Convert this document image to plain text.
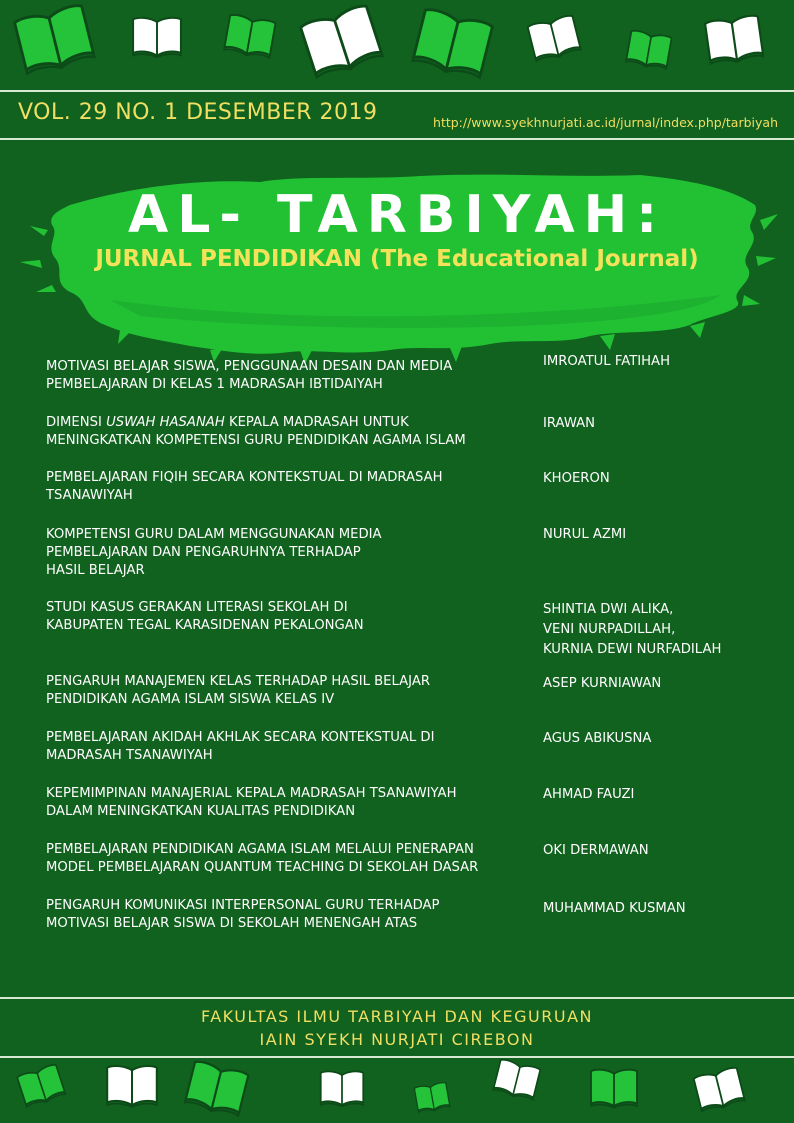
VOL. 29 NO. 1 DESEMBER 2019	http://www.syekhnurjati.ac.id/jurnal/index.php/tarbiyah
AL- TARBIYAH:
JURNAL PENDIDIKAN (The Educational Journal)
MOTIVASI BELAJAR SISWA, PENGGUNAAN DESAIN DAN MEDIA
PEMBELAJARAN DI KELAS 1 MADRASAH IBTIDAIYAH
IMROATUL FATIHAH
DIMENSI USWAH HASANAH KEPALA MADRASAH UNTUK
MENINGKATKAN KOMPETENSI GURU PENDIDIKAN AGAMA ISLAM
IRAWAN
PEMBELAJARAN FIQIH SECARA KONTEKSTUAL DI MADRASAH
TSANAWIYAH
KHOERON
KOMPETENSI GURU DALAM MENGGUNAKAN MEDIA
PEMBELAJARAN DAN PENGARUHNYA TERHADAP
HASIL BELAJAR
NURUL AZMI
STUDI KASUS GERAKAN LITERASI SEKOLAH DI
KABUPATEN TEGAL KARASIDENAN PEKALONGAN
SHINTIA DWI ALIKA,
VENI NURPADILLAH,
KURNIA DEWI NURFADILAH
PENGARUH MANAJEMEN KELAS TERHADAP HASIL BELAJAR
PENDIDIKAN AGAMA ISLAM SISWA KELAS IV
ASEP KURNIAWAN
PEMBELAJARAN AKIDAH AKHLAK SECARA KONTEKSTUAL DI
MADRASAH TSANAWIYAH
AGUS ABIKUSNA
KEPEMIMPINAN MANAJERIAL KEPALA MADRASAH TSANAWIYAH
DALAM MENINGKATKAN KUALITAS PENDIDIKAN
AHMAD FAUZI
PEMBELAJARAN PENDIDIKAN AGAMA ISLAM MELALUI PENERAPAN
MODEL PEMBELAJARAN QUANTUM TEACHING DI SEKOLAH DASAR
OKI DERMAWAN
PENGARUH KOMUNIKASI INTERPERSONAL GURU TERHADAP
MOTIVASI BELAJAR SISWA DI SEKOLAH MENENGAH ATAS
MUHAMMAD KUSMAN
FAKULTAS ILMU TARBIYAH DAN KEGURUAN
IAIN SYEKH NURJATI CIREBON
